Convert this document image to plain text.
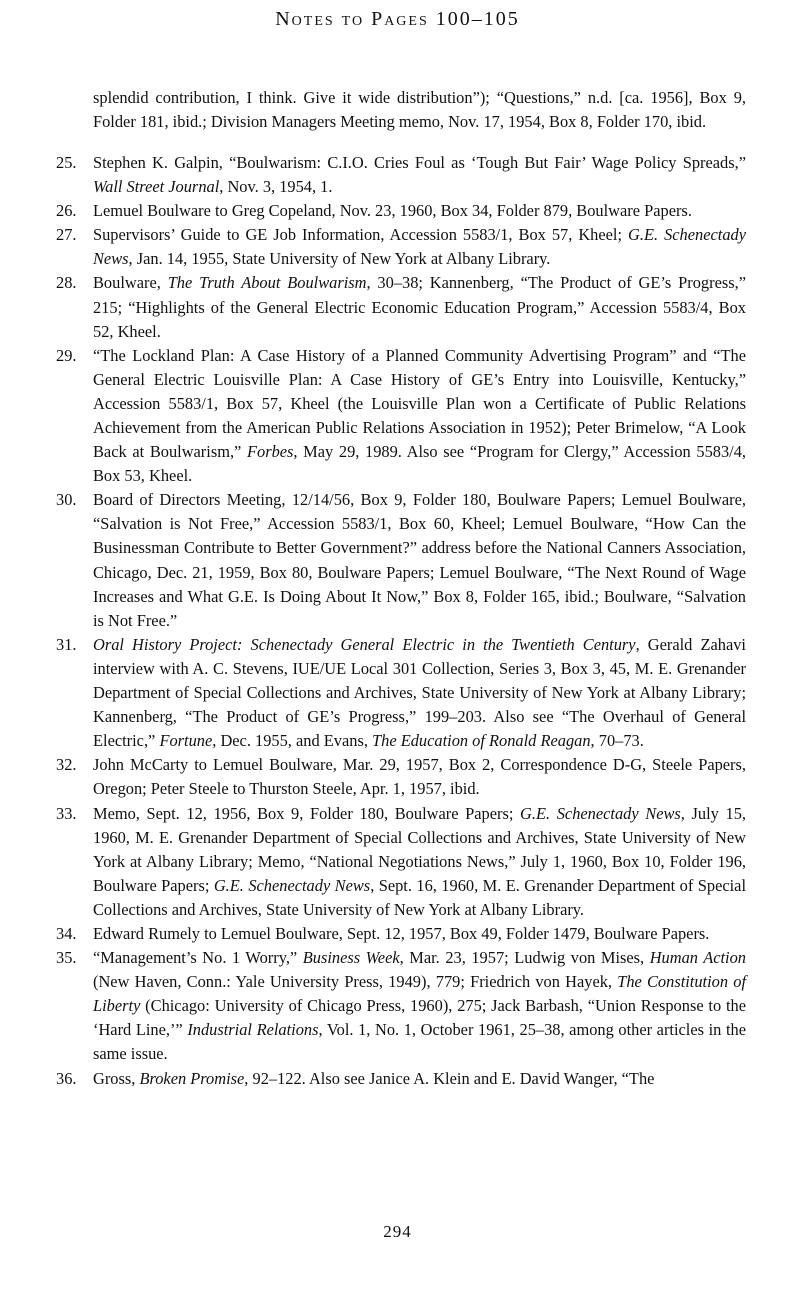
Notes to Pages 100–105

splendid contribution, I think. Give it wide distribution”); “Questions,” n.d. [ca. 1956], Box 9, Folder 181, ibid.; Division Managers Meeting memo, Nov. 17, 1954, Box 8, Folder 170, ibid.

25.	Stephen K. Galpin, “Boulwarism: C.I.O. Cries Foul as ‘Tough But Fair’ Wage Policy Spreads,” Wall Street Journal, Nov. 3, 1954, 1.
26.	Lemuel Boulware to Greg Copeland, Nov. 23, 1960, Box 34, Folder 879, Boulware Papers.
27.	Supervisors’ Guide to GE Job Information, Accession 5583/1, Box 57, Kheel; G.E. Schenectady News, Jan. 14, 1955, State University of New York at Albany Library.
28.	Boulware, The Truth About Boulwarism, 30–38; Kannenberg, “The Product of GE’s Progress,” 215; “Highlights of the General Electric Economic Education Program,” Accession 5583/4, Box 52, Kheel.
29.	“The Lockland Plan: A Case History of a Planned Community Advertising Program” and “The General Electric Louisville Plan: A Case History of GE’s Entry into Louisville, Kentucky,” Accession 5583/1, Box 57, Kheel (the Louisville Plan won a Certificate of Public Relations Achievement from the American Public Relations Association in 1952); Peter Brimelow, “A Look Back at Boulwarism,” Forbes, May 29, 1989. Also see “Program for Clergy,” Accession 5583/4, Box 53, Kheel.
30.	Board of Directors Meeting, 12/14/56, Box 9, Folder 180, Boulware Papers; Lemuel Boulware, “Salvation is Not Free,” Accession 5583/1, Box 60, Kheel; Lemuel Boulware, “How Can the Businessman Contribute to Better Government?” address before the National Canners Association, Chicago, Dec. 21, 1959, Box 80, Boulware Papers; Lemuel Boulware, “The Next Round of Wage Increases and What G.E. Is Doing About It Now,” Box 8, Folder 165, ibid.; Boulware, “Salvation is Not Free.”
31.	Oral History Project: Schenectady General Electric in the Twentieth Century, Gerald Zahavi interview with A. C. Stevens, IUE/UE Local 301 Collection, Series 3, Box 3, 45, M. E. Grenander Department of Special Collections and Archives, State University of New York at Albany Library; Kannenberg, “The Product of GE’s Progress,” 199–203. Also see “The Overhaul of General Electric,” Fortune, Dec. 1955, and Evans, The Education of Ronald Reagan, 70–73.
32.	John McCarty to Lemuel Boulware, Mar. 29, 1957, Box 2, Correspondence D-G, Steele Papers, Oregon; Peter Steele to Thurston Steele, Apr. 1, 1957, ibid.
33.	Memo, Sept. 12, 1956, Box 9, Folder 180, Boulware Papers; G.E. Schenectady News, July 15, 1960, M. E. Grenander Department of Special Collections and Archives, State University of New York at Albany Library; Memo, “National Negotiations News,” July 1, 1960, Box 10, Folder 196, Boulware Papers; G.E. Schenectady News, Sept. 16, 1960, M. E. Grenander Department of Special Collections and Archives, State University of New York at Albany Library.
34.	Edward Rumely to Lemuel Boulware, Sept. 12, 1957, Box 49, Folder 1479, Boulware Papers.
35.	“Management’s No. 1 Worry,” Business Week, Mar. 23, 1957; Ludwig von Mises, Human Action (New Haven, Conn.: Yale University Press, 1949), 779; Friedrich von Hayek, The Constitution of Liberty (Chicago: University of Chicago Press, 1960), 275; Jack Barbash, “Union Response to the ‘Hard Line,’” Industrial Relations, Vol. 1, No. 1, October 1961, 25–38, among other articles in the same issue.
36.	Gross, Broken Promise, 92–122. Also see Janice A. Klein and E. David Wanger, “The
294
